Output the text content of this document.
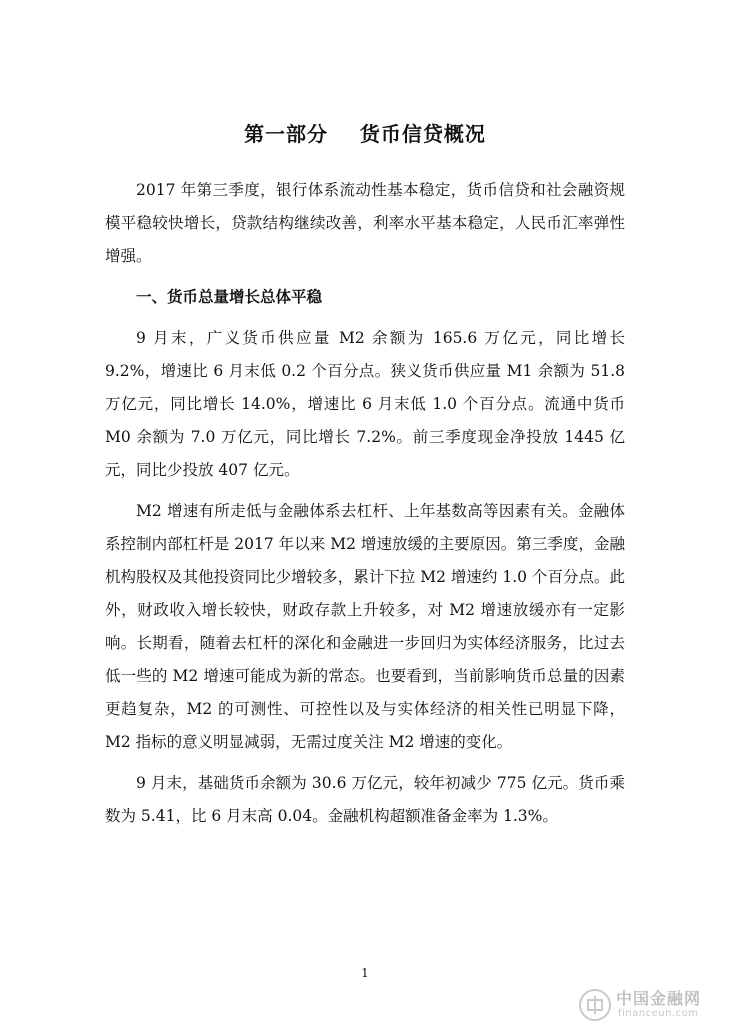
第一部分    货币信贷概况

2017 年第三季度，银行体系流动性基本稳定，货币信贷和社会融资规模平稳较快增长，贷款结构继续改善，利率水平基本稳定，人民币汇率弹性增强。

一、货币总量增长总体平稳

9 月末，广义货币供应量 M2 余额为 165.6 万亿元，同比增长 9.2%，增速比 6 月末低 0.2 个百分点。狭义货币供应量 M1 余额为 51.8 万亿元，同比增长 14.0%，增速比 6 月末低 1.0 个百分点。流通中货币 M0 余额为 7.0 万亿元，同比增长 7.2%。前三季度现金净投放 1445 亿元，同比少投放 407 亿元。

M2 增速有所走低与金融体系去杠杆、上年基数高等因素有关。金融体系控制内部杠杆是 2017 年以来 M2 增速放缓的主要原因。第三季度，金融机构股权及其他投资同比少增较多，累计下拉 M2 增速约 1.0 个百分点。此外，财政收入增长较快，财政存款上升较多，对 M2 增速放缓亦有一定影响。长期看，随着去杠杆的深化和金融进一步回归为实体经济服务，比过去低一些的 M2 增速可能成为新的常态。也要看到，当前影响货币总量的因素更趋复杂，M2 的可测性、可控性以及与实体经济的相关性已明显下降，M2 指标的意义明显减弱，无需过度关注 M2 增速的变化。

9 月末，基础货币余额为 30.6 万亿元，较年初减少 775 亿元。货币乘数为 5.41，比 6 月末高 0.04。金融机构超额准备金率为 1.3%。

1
中国金融网
financeun.com
